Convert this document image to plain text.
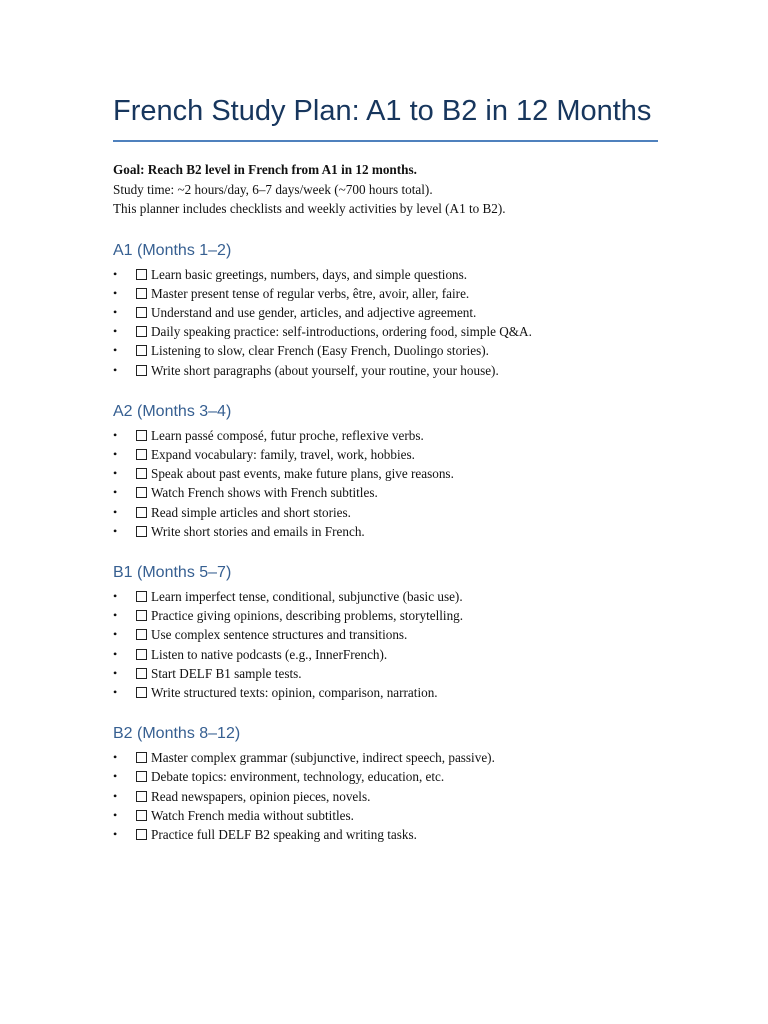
French Study Plan: A1 to B2 in 12 Months

Goal: Reach B2 level in French from A1 in 12 months.

Study time: ~2 hours/day, 6–7 days/week (~700 hours total).

This planner includes checklists and weekly activities by level (A1 to B2).

A1 (Months 1–2)
•	Learn basic greetings, numbers, days, and simple questions.
•	Master present tense of regular verbs, être, avoir, aller, faire.
•	Understand and use gender, articles, and adjective agreement.
•	Daily speaking practice: self-introductions, ordering food, simple Q&A.
•	Listening to slow, clear French (Easy French, Duolingo stories).
•	Write short paragraphs (about yourself, your routine, your house).
A2 (Months 3–4)
•	Learn passé composé, futur proche, reflexive verbs.
•	Expand vocabulary: family, travel, work, hobbies.
•	Speak about past events, make future plans, give reasons.
•	Watch French shows with French subtitles.
•	Read simple articles and short stories.
•	Write short stories and emails in French.
B1 (Months 5–7)
•	Learn imperfect tense, conditional, subjunctive (basic use).
•	Practice giving opinions, describing problems, storytelling.
•	Use complex sentence structures and transitions.
•	Listen to native podcasts (e.g., InnerFrench).
•	Start DELF B1 sample tests.
•	Write structured texts: opinion, comparison, narration.
B2 (Months 8–12)
•	Master complex grammar (subjunctive, indirect speech, passive).
•	Debate topics: environment, technology, education, etc.
•	Read newspapers, opinion pieces, novels.
•	Watch French media without subtitles.
•	Practice full DELF B2 speaking and writing tasks.
